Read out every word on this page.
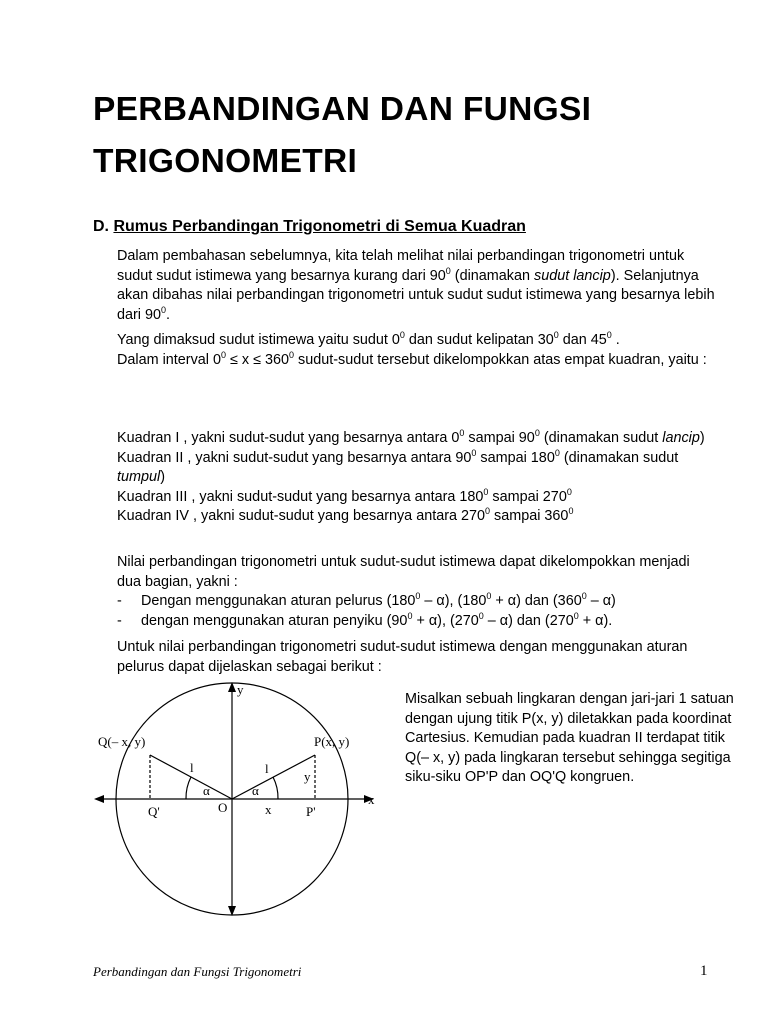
PERBANDINGAN DAN FUNGSI TRIGONOMETRI
D. Rumus Perbandingan Trigonometri di Semua Kuadran
Dalam pembahasan sebelumnya, kita telah melihat nilai perbandingan trigonometri untuk sudut sudut istimewa yang besarnya kurang dari $90^0$ (dinamakan sudut lancip). Selanjutnya akan dibahas nilai perbandingan trigonometri untuk sudut sudut istimewa yang besarnya lebih dari $90^0$.
Yang dimaksud sudut istimewa yaitu sudut $0^0$ dan sudut kelipatan $30^0$ dan $45^0$ .
Dalam interval $0^0 \le x \le 360^0$ sudut-sudut tersebut dikelompokkan atas empat kuadran, yaitu :
Kuadran I , yakni sudut-sudut yang besarnya antara $0^0$ sampai $90^0$ (dinamakan sudut lancip)
Kuadran II , yakni sudut-sudut yang besarnya antara $90^0$ sampai $180^0$ (dinamakan sudut tumpul)
Kuadran III , yakni sudut-sudut yang besarnya antara $180^0$ sampai $270^0$
Kuadran IV , yakni sudut-sudut yang besarnya antara $270^0$ sampai $360^0$
Nilai perbandingan trigonometri untuk sudut-sudut istimewa dapat dikelompokkan menjadi dua bagian, yakni :
- Dengan menggunakan aturan pelurus $(180^0 - \alpha)$, $(180^0 + \alpha)$ dan $(360^0 - \alpha)$
- dengan menggunakan aturan penyiku $(90^0 + \alpha)$, $(270^0 - \alpha)$ dan $(270^0 + \alpha)$.
Untuk nilai perbandingan trigonometri sudut-sudut istimewa dengan menggunakan aturan pelurus dapat dijelaskan sebagai berikut :
y
x
Q(– x, y)	P(x, y)
Q'	P'
O
l	l
α	α
x
y
Misalkan sebuah lingkaran dengan jari-jari 1 satuan dengan ujung titik P(x, y) diletakkan pada koordinat Cartesius. Kemudian pada kuadran II terdapat titik Q(– x, y) pada lingkaran tersebut sehingga segitiga siku-siku OP'P dan OQ'Q kongruen.
Perbandingan dan Fungsi Trigonometri	1
